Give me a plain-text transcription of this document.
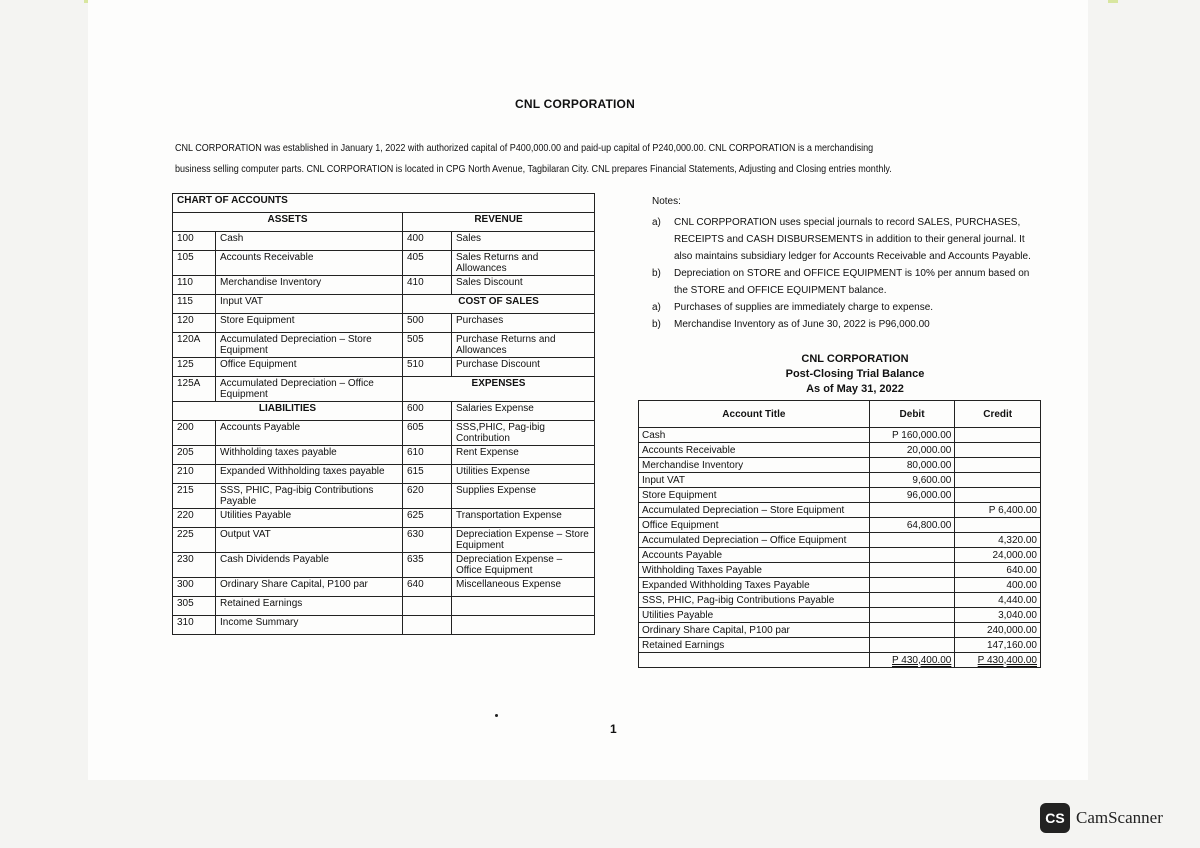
CNL CORPORATION
CNL CORPORATION was established in January 1, 2022 with authorized capital of P400,000.00 and paid-up capital of P240,000.00. CNL CORPORATION is a merchandising business selling computer parts. CNL CORPORATION is located in CPG North Avenue, Tagbilaran City. CNL prepares Financial Statements, Adjusting and Closing entries monthly.
CHART OF ACCOUNTS			
ASSETS		REVENUE	
100	Cash	400	Sales
105	Accounts Receivable	405	Sales Returns and Allowances
110	Merchandise Inventory	410	Sales Discount
115	Input VAT	COST OF SALES	
120	Store Equipment	500	Purchases
120A	Accumulated Depreciation – Store Equipment	505	Purchase Returns and Allowances
125	Office Equipment	510	Purchase Discount
125A	Accumulated Depreciation – Office Equipment	EXPENSES	
LIABILITIES		600	Salaries Expense
200	Accounts Payable	605	SSS,PHIC, Pag-ibig Contribution
205	Withholding taxes payable	610	Rent Expense
210	Expanded Withholding taxes payable	615	Utilities Expense
215	SSS, PHIC, Pag-ibig Contributions Payable	620	Supplies Expense
220	Utilities Payable	625	Transportation Expense
225	Output VAT	630	Depreciation Expense – Store Equipment
230	Cash Dividends Payable	635	Depreciation Expense – Office Equipment
300	Ordinary Share Capital, P100 par	640	Miscellaneous Expense
305	Retained Earnings		
310	Income Summary		
Notes:
a)	CNL CORPPORATION uses special journals to record SALES, PURCHASES, RECEIPTS and CASH DISBURSEMENTS in addition to their general journal. It also maintains subsidiary ledger for Accounts Receivable and Accounts Payable.
b)	Depreciation on STORE and OFFICE EQUIPMENT is 10% per annum based on the STORE and OFFICE EQUIPMENT balance.
a)	Purchases of supplies are immediately charge to expense.
b)	Merchandise Inventory as of June 30, 2022 is P96,000.00
CNL CORPORATION
Post-Closing Trial Balance
As of May 31, 2022
Account Title	Debit	Credit
Cash	P 160,000.00	
Accounts Receivable	20,000.00	
Merchandise Inventory	80,000.00	
Input VAT	9,600.00	
Store Equipment	96,000.00	
Accumulated Depreciation – Store Equipment		P 6,400.00
Office Equipment	64,800.00	
Accumulated Depreciation – Office Equipment		4,320.00
Accounts Payable		24,000.00
Withholding Taxes Payable		640.00
Expanded Withholding Taxes Payable		400.00
SSS, PHIC, Pag-ibig Contributions Payable		4,440.00
Utilities Payable		3,040.00
Ordinary Share Capital, P100 par		240,000.00
Retained Earnings		147,160.00
	P 430,400.00	P 430,400.00
1
CS CamScanner
